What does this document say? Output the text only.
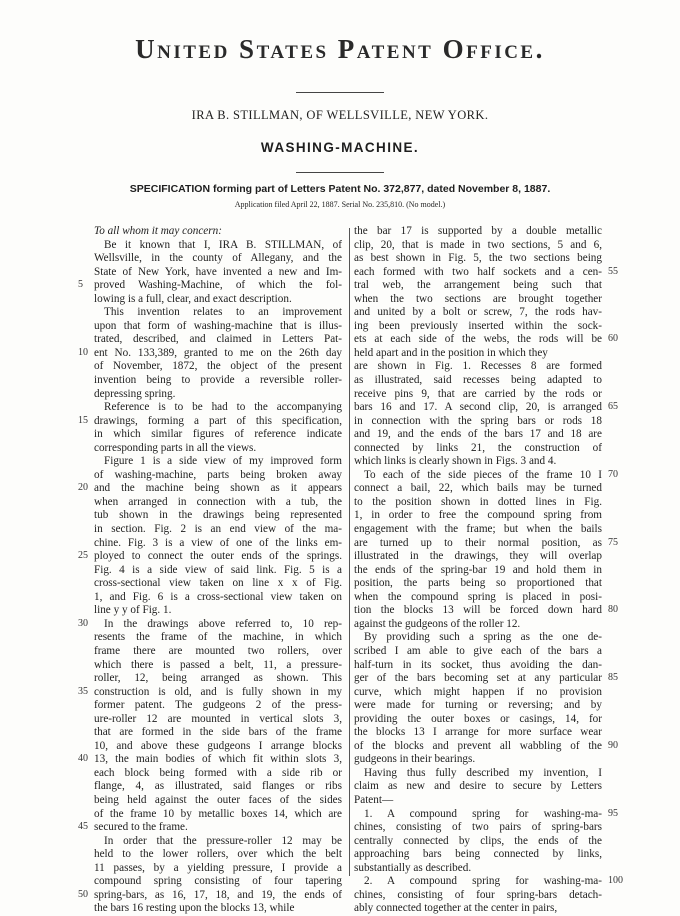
United States Patent Office.
IRA B. STILLMAN, OF WELLSVILLE, NEW YORK.
WASHING-MACHINE.
SPECIFICATION forming part of Letters Patent No. 372,877, dated November 8, 1887.
Application filed April 22, 1887. Serial No. 235,810. (No model.)
To all whom it may concern:
Be it known that I, IRA B. STILLMAN, of
Wellsville, in the county of Allegany, and the
State of New York, have invented a new and Im-
proved Washing-Machine, of which the fol-
lowing is a full, clear, and exact description.
This invention relates to an improvement
upon that form of washing-machine that is illus-
trated, described, and claimed in Letters Pat-
ent No. 133,389, granted to me on the 26th day
of November, 1872, the object of the present
invention being to provide a reversible roller-
depressing spring.
Reference is to be had to the accompanying
drawings, forming a part of this specification,
in which similar figures of reference indicate
corresponding parts in all the views.
Figure 1 is a side view of my improved form
of washing-machine, parts being broken away
and the machine being shown as it appears
when arranged in connection with a tub, the
tub shown in the drawings being represented
in section. Fig. 2 is an end view of the ma-
chine. Fig. 3 is a view of one of the links em-
ployed to connect the outer ends of the springs.
Fig. 4 is a side view of said link. Fig. 5 is a
cross-sectional view taken on line x x of Fig.
1, and Fig. 6 is a cross-sectional view taken on
line y y of Fig. 1.
In the drawings above referred to, 10 rep-
resents the frame of the machine, in which
frame there are mounted two rollers, over
which there is passed a belt, 11, a pressure-
roller, 12, being arranged as shown. This
construction is old, and is fully shown in my
former patent. The gudgeons 2 of the press-
ure-roller 12 are mounted in vertical slots 3,
that are formed in the side bars of the frame
10, and above these gudgeons I arrange blocks
13, the main bodies of which fit within slots 3,
each block being formed with a side rib or
flange, 4, as illustrated, said flanges or ribs
being held against the outer faces of the sides
of the frame 10 by metallic boxes 14, which are
secured to the frame.
In order that the pressure-roller 12 may be
held to the lower rollers, over which the belt
11 passes, by a yielding pressure, I provide a
compound spring consisting of four tapering
spring-bars, as 16, 17, 18, and 19, the ends of
the bars 16 resting upon the blocks 13, while
the bar 17 is supported by a double metallic
clip, 20, that is made in two sections, 5 and 6,
as best shown in Fig. 5, the two sections being
each formed with two half sockets and a cen-
tral web, the arrangement being such that
when the two sections are brought together
and united by a bolt or screw, 7, the rods hav-
ing been previously inserted within the sock-
ets at each side of the webs, the rods will be
held apart and in the position in which they
are shown in Fig. 1. Recesses 8 are formed
as illustrated, said recesses being adapted to
receive pins 9, that are carried by the rods or
bars 16 and 17. A second clip, 20, is arranged
in connection with the spring bars or rods 18
and 19, and the ends of the bars 17 and 18 are
connected by links 21, the construction of
which links is clearly shown in Figs. 3 and 4.
To each of the side pieces of the frame 10 I
connect a bail, 22, which bails may be turned
to the position shown in dotted lines in Fig.
1, in order to free the compound spring from
engagement with the frame; but when the bails
are turned up to their normal position, as
illustrated in the drawings, they will overlap
the ends of the spring-bar 19 and hold them in
position, the parts being so proportioned that
when the compound spring is placed in posi-
tion the blocks 13 will be forced down hard
against the gudgeons of the roller 12.
By providing such a spring as the one de-
scribed I am able to give each of the bars a
half-turn in its socket, thus avoiding the dan-
ger of the bars becoming set at any particular
curve, which might happen if no provision
were made for turning or reversing; and by
providing the outer boxes or casings, 14, for
the blocks 13 I arrange for more surface wear
of the blocks and prevent all wabbling of the
gudgeons in their bearings.
Having thus fully described my invention, I
claim as new and desire to secure by Letters
Patent—
1. A compound spring for washing-ma-
chines, consisting of two pairs of spring-bars
centrally connected by clips, the ends of the
approaching bars being connected by links,
substantially as described.
2. A compound spring for washing-ma-
chines, consisting of four spring-bars detach-
ably connected together at the center in pairs,
5
10
15
20
25
30
35
40
45
50
55
60
65
70
75
80
85
90
95
100
